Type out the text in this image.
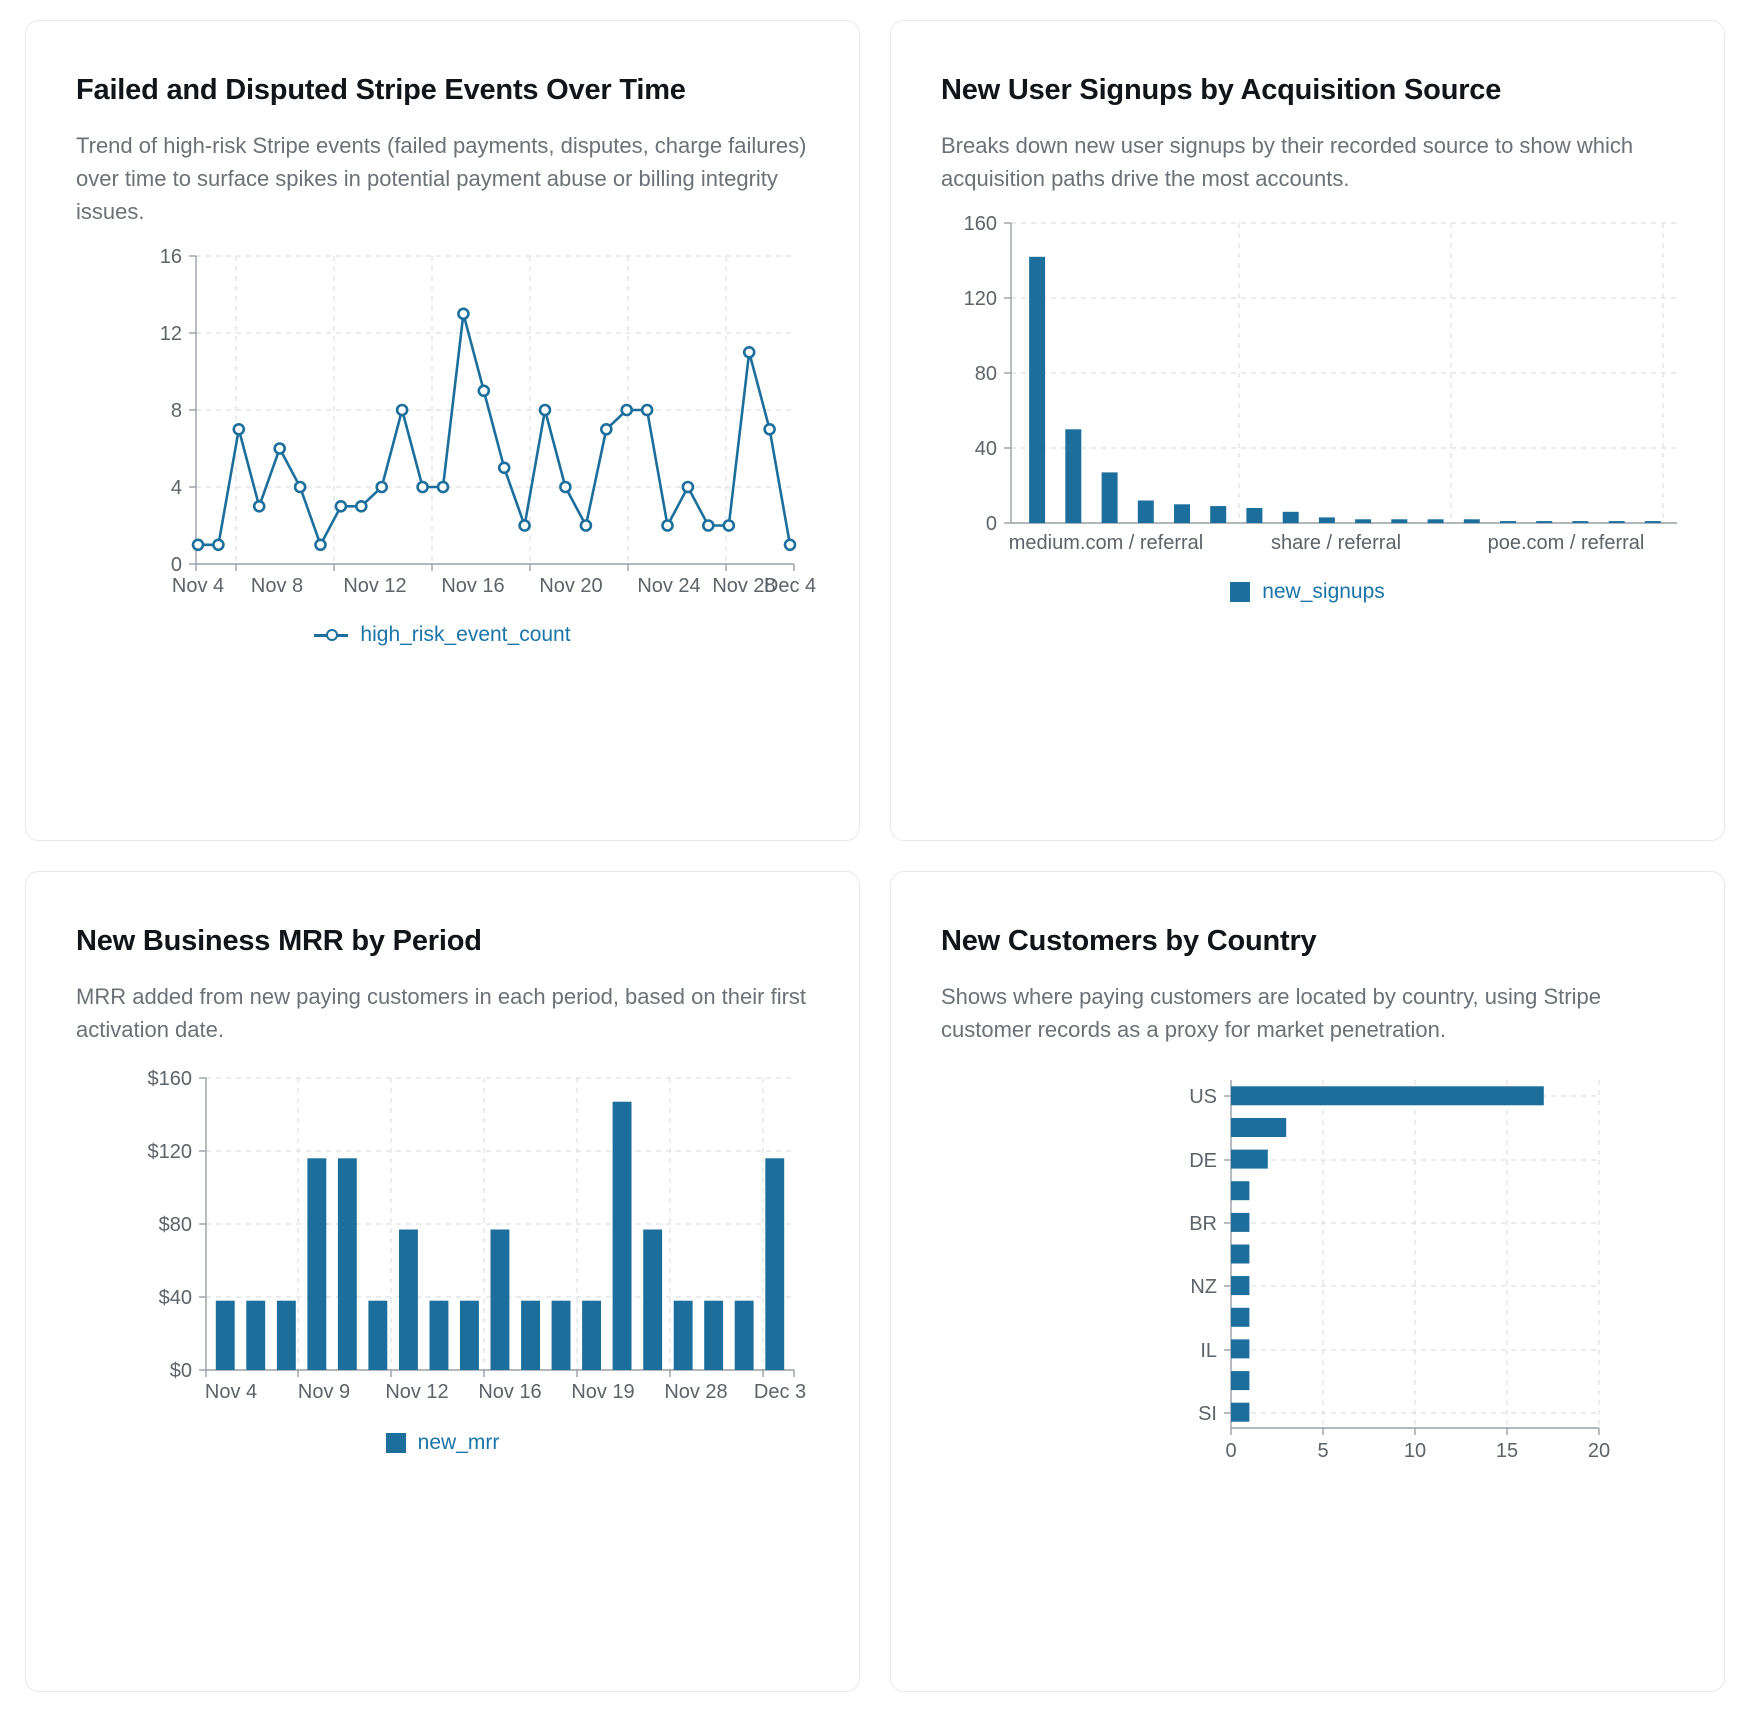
Failed and Disputed Stripe Events Over Time
Trend of high-risk Stripe events (failed payments, disputes, charge failures) over time to surface spikes in potential payment abuse or billing integrity issues.
16
12
8
4
0
Nov 4 Nov 8 Nov 12 Nov 16 Nov 20 Nov 24 Nov 28
Dec 4
high_risk_event_count
New User Signups by Acquisition Source
Breaks down new user signups by their recorded source to show which acquisition paths drive the most accounts.
160
120
80
40
0
medium.com / referral	share / referral	poe.com / referral
new_signups
New Business MRR by Period
MRR added from new paying customers in each period, based on their first activation date.
$160
$120
$80
$40
$0
Nov 4 Nov 9 Nov 12 Nov 16 Nov 19 Nov 28 Dec 3
new_mrr
New Customers by Country
Shows where paying customers are located by country, using Stripe customer records as a proxy for market penetration.
US
DE
BR
NZ
IL
SI
0	5	10	15	20
